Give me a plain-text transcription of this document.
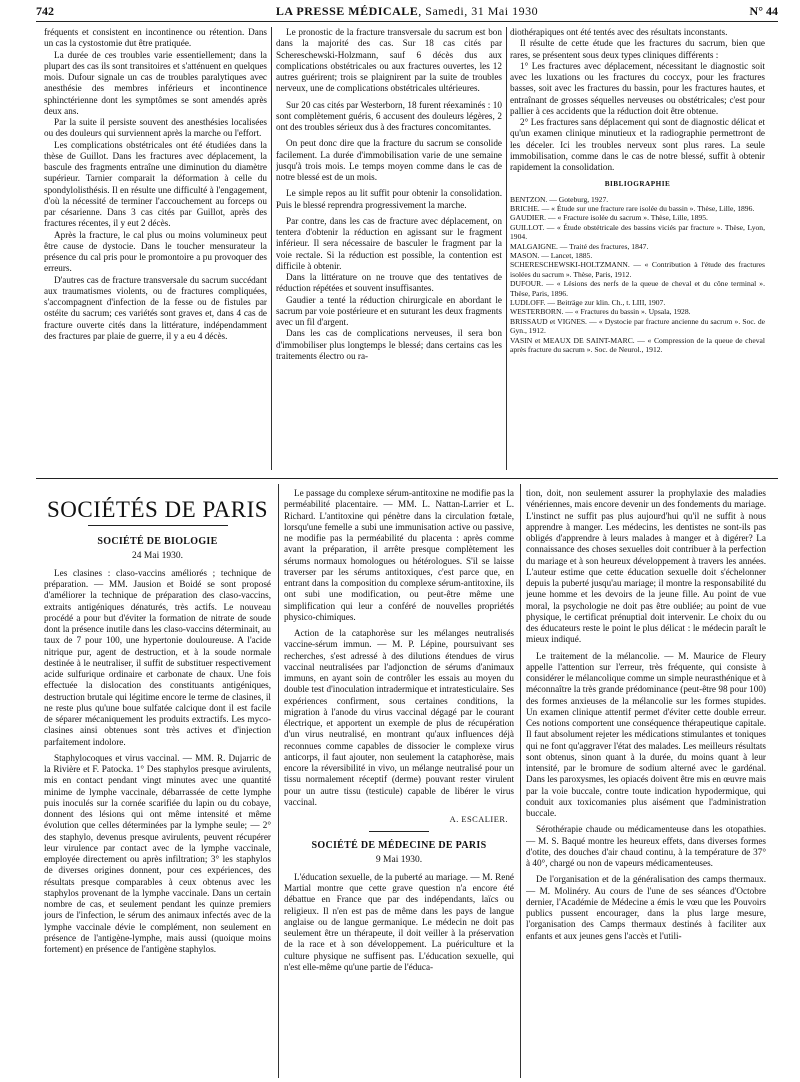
742	LA PRESSE MÉDICALE, Samedi, 31 Mai 1930	N° 44

fréquents et consistent en incontinence ou rétention. Dans un cas la cystostomie dut être pratiquée.

La durée de ces troubles varie essentiellement; dans la plupart des cas ils sont transitoires et s'atténuent en quelques mois. Dufour signale un cas de troubles paralytiques avec anesthésie des membres inférieurs et incontinence sphinctérienne dont les symptômes se sont amendés après deux ans.

Par la suite il persiste souvent des anesthésies localisées ou des douleurs qui surviennent après la marche ou l'effort.

Les complications obstétricales ont été étudiées dans la thèse de Guillot. Dans les fractures avec déplacement, la bascule des fragments entraîne une diminution du diamètre supérieur. Tarnier comparait la déformation à celle du spondylolisthésis. Il en résulte une difficulté à l'engagement, d'où la nécessité de terminer l'accouchement au forceps ou par césarienne. Dans 3 cas cités par Guillot, après des fractures récentes, il y eut 2 décès.

Après la fracture, le cal plus ou moins volumineux peut être cause de dystocie. Dans le toucher mensurateur la présence du cal pris pour le promontoire a pu provoquer des erreurs.

D'autres cas de fracture transversale du sacrum succédant aux traumatismes violents, ou de fractures compliquées, s'accompagnent d'infection de la fesse ou de fistules par ostéite du sacrum; ces variétés sont graves et, dans 4 cas de fracture ouverte cités dans la littérature, indépendamment des fractures par plaie de guerre, il y a eu 4 décès.

Le pronostic de la fracture transversale du sacrum est bon dans la majorité des cas. Sur 18 cas cités par Schereschewski-Holzmann, sauf 6 décès dus aux complications obstétricales ou aux fractures ouvertes, les 12 autres guérirent; trois se plaignirent par la suite de troubles nerveux, une de complications obstétricales ultérieures.

Sur 20 cas cités par Westerborn, 18 furent réexaminés : 10 sont complètement guéris, 6 accusent des douleurs légères, 2 ont des troubles sérieux dus à des fractures concomitantes.

On peut donc dire que la fracture du sacrum se consolide facilement. La durée d'immobilisation varie de une semaine jusqu'à trois mois. Le temps moyen comme dans le cas de notre blessé est de un mois.

Le simple repos au lit suffit pour obtenir la consolidation. Puis le blessé reprendra progressivement la marche.

Par contre, dans les cas de fracture avec déplacement, on tentera d'obtenir la réduction en agissant sur le fragment inférieur. Il sera nécessaire de basculer le fragment par la voie rectale. Si la réduction est possible, la contention est difficile à obtenir.

Dans la littérature on ne trouve que des tentatives de réduction répétées et souvent insuffisantes.

Gaudier a tenté la réduction chirurgicale en abordant le sacrum par voie postérieure et en suturant les deux fragments avec un fil d'argent.

Dans les cas de complications nerveuses, il sera bon d'immobiliser plus longtemps le blessé; dans certains cas les traitements électro ou ra-

diothérapiques ont été tentés avec des résultats inconstants.

Il résulte de cette étude que les fractures du sacrum, bien que rares, se présentent sous deux types cliniques différents :

1° Les fractures avec déplacement, nécessitant le diagnostic soit avec les luxations ou les fractures du coccyx, pour les fractures basses, soit avec les fractures du bassin, pour les fractures hautes, et entraînant de grosses séquelles nerveuses ou obstétricales; c'est pour pallier à ces accidents que la réduction doit être obtenue.

2° Les fractures sans déplacement qui sont de diagnostic délicat et qu'un examen clinique minutieux et la radiographie permettront de les déceler. Ici les troubles nerveux sont plus rares. La seule immobilisation, comme dans le cas de notre blessé, suffit à obtenir rapidement la consolidation.

BIBLIOGRAPHIE

BENTZON. — Goteburg, 1927.

BRICHE. — « Étude sur une fracture rare isolée du bassin ». Thèse, Lille, 1896.

GAUDIER. — « Fracture isolée du sacrum ». Thèse, Lille, 1895.

GUILLOT. — « Étude obstétricale des bassins viciés par fracture ». Thèse, Lyon, 1904.

MALGAIGNE. — Traité des fractures, 1847.

MASON. — Lancet, 1885.

SCHERESCHEWSKI-HOLTZMANN. — « Contribution à l'étude des fractures isolées du sacrum ». Thèse, Paris, 1912.

DUFOUR. — « Lésions des nerfs de la queue de cheval et du cône terminal ». Thèse, Paris, 1896.

LUDLOFF. — Beiträge zur klin. Ch., t. LIII, 1907.

WESTERBORN. — « Fractures du bassin ». Upsala, 1928.

BRISSAUD et VIGNES. — « Dystocie par fracture ancienne du sacrum ». Soc. de Gyn., 1912.

VASIN et MEAUX DE SAINT-MARC. — « Compression de la queue de cheval après fracture du sacrum ». Soc. de Neurol., 1912.

SOCIÉTÉS DE PARIS
SOCIÉTÉ DE BIOLOGIE
24 Mai 1930.

Les clasines : claso-vaccins améliorés ; technique de préparation. — MM. Jausion et Boidé se sont proposé d'améliorer la technique de préparation des claso-vaccins, extraits antigéniques dénaturés, très actifs. Le nouveau procédé a pour but d'éviter la formation de nitrate de soude dont la présence inutile dans les claso-vaccins déterminait, au taux de 7 pour 100, une hypertonie douloureuse. A l'acide nitrique pur, agent de destruction, et à la soude normale destinée à le neutraliser, il suffit de substituer respectivement acide sulfurique ordinaire et carbonate de chaux. Une fois effectuée la dislocation des constituants antigéniques, destruction brutale qui légitime encore le terme de clasines, il ne reste plus qu'une boue sulfatée calcique dont il est facile de séparer mécaniquement les produits extractifs. Les myco-clasines ainsi obtenues sont très actives et d'injection parfaitement indolore.

Staphylocoques et virus vaccinal. — MM. R. Dujarric de la Rivière et F. Patocka. 1° Des staphylos presque avirulents, mis en contact pendant vingt minutes avec une quantité minime de lymphe vaccinale, débarrassée de cette lymphe puis inoculés sur la cornée scarifiée du lapin ou du cobaye, donnent des lésions qui ont même intensité et même évolution que celles déterminées par la lymphe seule; — 2° des staphylo, devenus presque avirulents, peuvent récupérer leur virulence par contact avec de la lymphe vaccinale, employée directement ou après infiltration; 3° les staphylos de diverses origines donnent, pour ces expériences, des résultats presque comparables à ceux obtenus avec les staphylos provenant de la lymphe vaccinale. Dans un certain nombre de cas, et seulement pendant les quinze premiers jours de l'infection, le sérum des animaux infectés avec de la lymphe vaccinale dévie le complément, non seulement en présence de l'antigène-lymphe, mais aussi (quoique moins fortement) en présence de l'antigène staphylos.

Le passage du complexe sérum-antitoxine ne modifie pas la perméabilité placentaire. — MM. L. Nattan-Larrier et L. Richard. L'antitoxine qui pénètre dans la circulation fœtale, lorsqu'une femelle a subi une immunisation active ou passive, ne modifie pas la perméabilité du placenta : après comme avant la préparation, il arrête presque complètement les sérums normaux homologues ou hétérologues. S'il se laisse traverser par les sérums antitoxiques, c'est parce que, en entrant dans la composition du complexe sérum-antitoxine, ils ont subi une modification, ou peut-être même une simplification qui leur a conféré de nouvelles propriétés physico-chimiques.

Action de la cataphorèse sur les mélanges neutralisés vaccine-sérum immun. — M. P. Lépine, poursuivant ses recherches, s'est adressé à des dilutions étendues de virus vaccinal neutralisées par l'adjonction de sérums d'animaux immuns, en ayant soin de contrôler les essais au moyen du double test d'inoculation intradermique et intratesticulaire. Ses expériences confirment, sous certaines conditions, la migration à l'anode du virus vaccinal dégagé par le courant électrique, et apportent un exemple de plus de récupération d'un virus neutralisé, en montrant qu'aux influences déjà reconnues comme capables de dissocier le complexe virus anticorps, il faut ajouter, non seulement la cataphorèse, mais encore la réversibilité in vivo, un mélange neutralisé pour un tissu normalement réceptif (derme) pouvant rester virulent pour un autre tissu (testicule) capable de libérer le virus vaccinal.

A. ESCALIER.
SOCIÉTÉ DE MÉDECINE DE PARIS
9 Mai 1930.

L'éducation sexuelle, de la puberté au mariage. — M. René Martial montre que cette grave question n'a encore été débattue en France que par des indépendants, laïcs ou religieux. Il n'en est pas de même dans les pays de langue anglaise ou de langue germanique. Le médecin ne doit pas seulement être un thérapeute, il doit veiller à la préservation de la race et à son développement. La puériculture et la culture physique ne suffisent pas. L'éducation sexuelle, qui n'est elle-même qu'une partie de l'éduca-

tion, doit, non seulement assurer la prophylaxie des maladies vénériennes, mais encore devenir un des fondements du mariage. L'instinct ne suffit pas plus aujourd'hui qu'il ne suffit à nous apprendre à manger. Les médecins, les dentistes ne sont-ils pas obligés d'apprendre à leurs malades à manger et à digérer? La connaissance des choses sexuelles doit contribuer à la perfection du mariage et à son heureux développement à travers les années. L'auteur estime que cette éducation sexuelle doit s'échelonner depuis la puberté jusqu'au mariage; il montre la responsabilité du jeune homme et les devoirs de la jeune fille. Au point de vue moral, la psychologie ne doit pas être oubliée; au point de vue physique, le certificat prénuptial doit intervenir. Le choix du ou des éducateurs reste le point le plus délicat : le médecin paraît le mieux indiqué.

Le traitement de la mélancolie. — M. Maurice de Fleury appelle l'attention sur l'erreur, très fréquente, qui consiste à considérer le mélancolique comme un simple neurasthénique et à méconnaître la très grande prédominance (peut-être 98 pour 100) des formes anxieuses de la mélancolie sur les formes stupides. Un examen clinique attentif permet d'éviter cette double erreur. Ces notions comportent une conséquence thérapeutique capitale. Il faut absolument rejeter les médications stimulantes et toniques qui ne font qu'aggraver l'état des malades. Les meilleurs résultats sont obtenus, sinon quant à la durée, du moins quant à leur intensité, par le bromure de sodium alterné avec le gardénal. Dans les paroxysmes, les opiacés doivent être mis en œuvre mais par la voie buccale, contre toute indication hypodermique, qui conduit aux toxicomanies plus aisément que l'administration buccale.

Sérothérapie chaude ou médicamenteuse dans les otopathies. — M. S. Baqué montre les heureux effets, dans diverses formes d'otite, des douches d'air chaud continu, à la température de 37° à 40°, chargé ou non de vapeurs médicamenteuses.

De l'organisation et de la généralisation des camps thermaux. — M. Molinéry. Au cours de l'une de ses séances d'Octobre dernier, l'Académie de Médecine a émis le vœu que les Pouvoirs publics pussent encourager, dans la plus large mesure, l'organisation des Camps thermaux destinés à faciliter aux enfants et aux jeunes gens l'accès et l'utili-
